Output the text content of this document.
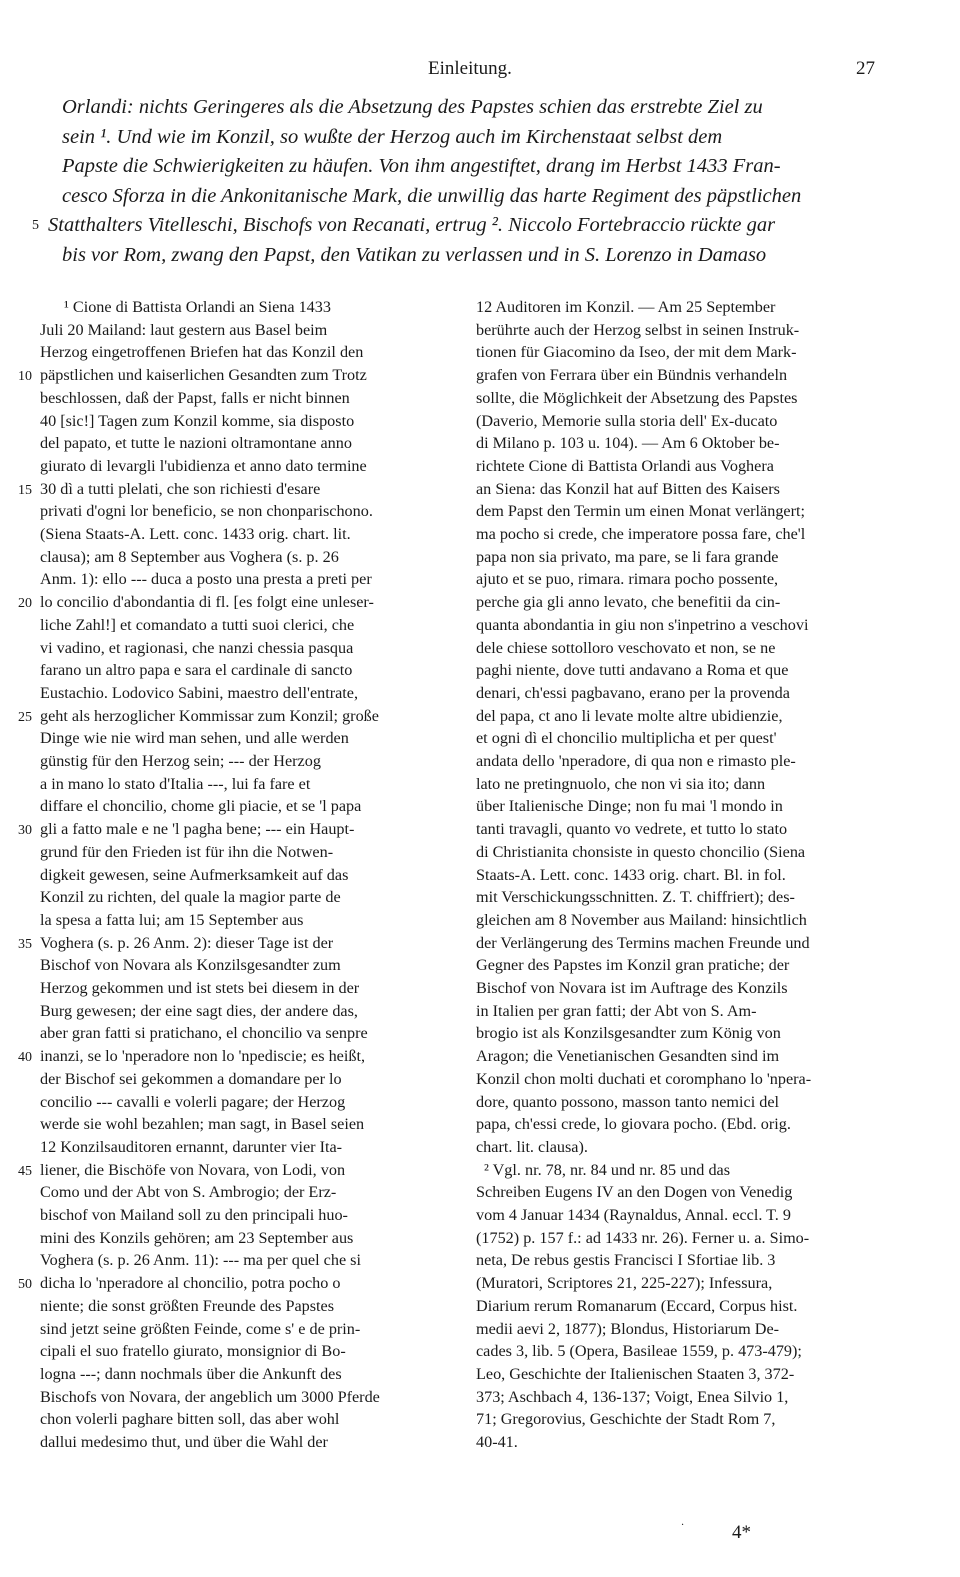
Einleitung.	27
Orlandi: nichts Geringeres als die Absetzung des Papstes schien das erstrebte Ziel zu
sein ¹. Und wie im Konzil, so wußte der Herzog auch im Kirchenstaat selbst dem
Papste die Schwierigkeiten zu häufen. Von ihm angestiftet, drang im Herbst 1433 Fran-
cesco Sforza in die Ankonitanische Mark, die unwillig das harte Regiment des päpstlichen
Statthalters Vitelleschi, Bischofs von Recanati, ertrug ². Niccolo Fortebraccio rückte gar
bis vor Rom, zwang den Papst, den Vatikan zu verlassen und in S. Lorenzo in Damaso
5
¹ Cione di Battista Orlandi an Siena 1433
Juli 20 Mailand: laut gestern aus Basel beim
Herzog eingetroffenen Briefen hat das Konzil den
päpstlichen und kaiserlichen Gesandten zum Trotz
beschlossen, daß der Papst, falls er nicht binnen
40 [sic!] Tagen zum Konzil komme, sia disposto
del papato, et tutte le nazioni oltramontane anno
giurato di levargli l'ubidienza et anno dato termine
30 dì a tutti plelati, che son richiesti d'esare
privati d'ogni lor beneficio, se non chonparischono.
(Siena Staats-A. Lett. conc. 1433 orig. chart. lit.
clausa); am 8 September aus Voghera (s. p. 26
Anm. 1): ello --- duca a posto una presta a preti per
lo concilio d'abondantia di fl. [es folgt eine unleser-
liche Zahl!] et comandato a tutti suoi clerici, che
vi vadino, et ragionasi, che nanzi chessia pasqua
farano un altro papa e sara el cardinale di sancto
Eustachio. Lodovico Sabini, maestro dell'entrate,
geht als herzoglicher Kommissar zum Konzil; große
Dinge wie nie wird man sehen, und alle werden
günstig für den Herzog sein; --- der Herzog
a in mano lo stato d'Italia ---, lui fa fare et
diffare el choncilio, chome gli piacie, et se 'l papa
gli a fatto male e ne 'l pagha bene; --- ein Haupt-
grund für den Frieden ist für ihn die Notwen-
digkeit gewesen, seine Aufmerksamkeit auf das
Konzil zu richten, del quale la magior parte de
la spesa a fatta lui; am 15 September aus
Voghera (s. p. 26 Anm. 2): dieser Tage ist der
Bischof von Novara als Konzilsgesandter zum
Herzog gekommen und ist stets bei diesem in der
Burg gewesen; der eine sagt dies, der andere das,
aber gran fatti si pratichano, el choncilio va senpre
inanzi, se lo 'nperadore non lo 'npediscie; es heißt,
der Bischof sei gekommen a domandare per lo
concilio --- cavalli e volerli pagare; der Herzog
werde sie wohl bezahlen; man sagt, in Basel seien
12 Konzilsauditoren ernannt, darunter vier Ita-
liener, die Bischöfe von Novara, von Lodi, von
Como und der Abt von S. Ambrogio; der Erz-
bischof von Mailand soll zu den principali huo-
mini des Konzils gehören; am 23 September aus
Voghera (s. p. 26 Anm. 11): --- ma per quel che si
dicha lo 'nperadore al choncilio, potra pocho o
niente; die sonst größten Freunde des Papstes
sind jetzt seine größten Feinde, come s' e de prin-
cipali el suo fratello giurato, monsignior di Bo-
logna ---; dann nochmals über die Ankunft des
Bischofs von Novara, der angeblich um 3000 Pferde
chon volerli paghare bitten soll, das aber wohl
dallui medesimo thut, und über die Wahl der
10
15
20
25
30
35
40
45
50
12 Auditoren im Konzil. — Am 25 September
berührte auch der Herzog selbst in seinen Instruk-
tionen für Giacomino da Iseo, der mit dem Mark-
grafen von Ferrara über ein Bündnis verhandeln
sollte, die Möglichkeit der Absetzung des Papstes
(Daverio, Memorie sulla storia dell' Ex-ducato
di Milano p. 103 u. 104). — Am 6 Oktober be-
richtete Cione di Battista Orlandi aus Voghera
an Siena: das Konzil hat auf Bitten des Kaisers
dem Papst den Termin um einen Monat verlängert;
ma pocho si crede, che imperatore possa fare, che'l
papa non sia privato, ma pare, se li fara grande
ajuto et se puo, rimara. rimara pocho possente,
perche gia gli anno levato, che benefitii da cin-
quanta abondantia in giu non s'inpetrino a veschovi
dele chiese sottolloro veschovato et non, se ne
paghi niente, dove tutti andavano a Roma et que
denari, ch'essi pagbavano, erano per la provenda
del papa, ct ano li levate molte altre ubidienzie,
et ogni dì el choncilio multiplicha et per quest'
andata dello 'nperadore, di qua non e rimasto ple-
lato ne pretingnuolo, che non vi sia ito; dann
über Italienische Dinge; non fu mai 'l mondo in
tanti travagli, quanto vo vedrete, et tutto lo stato
di Christianita chonsiste in questo choncilio (Siena
Staats-A. Lett. conc. 1433 orig. chart. Bl. in fol.
mit Verschickungsschnitten. Z. T. chiffriert); des-
gleichen am 8 November aus Mailand: hinsichtlich
der Verlängerung des Termins machen Freunde und
Gegner des Papstes im Konzil gran pratiche; der
Bischof von Novara ist im Auftrage des Konzils
in Italien per gran fatti; der Abt von S. Am-
brogio ist als Konzilsgesandter zum König von
Aragon; die Venetianischen Gesandten sind im
Konzil chon molti duchati et coromphano lo 'npera-
dore, quanto possono, masson tanto nemici del
papa, ch'essi crede, lo giovara pocho. (Ebd. orig.
chart. lit. clausa).
² Vgl. nr. 78, nr. 84 und nr. 85 und das
Schreiben Eugens IV an den Dogen von Venedig
vom 4 Januar 1434 (Raynaldus, Annal. eccl. T. 9
(1752) p. 157 f.: ad 1433 nr. 26). Ferner u. a. Simo-
neta, De rebus gestis Francisci I Sfortiae lib. 3
(Muratori, Scriptores 21, 225-227); Infessura,
Diarium rerum Romanarum (Eccard, Corpus hist.
medii aevi 2, 1877); Blondus, Historiarum De-
cades 3, lib. 5 (Opera, Basileae 1559, p. 473-479);
Leo, Geschichte der Italienischen Staaten 3, 372-
373; Aschbach 4, 136-137; Voigt, Enea Silvio 1,
71; Gregorovius, Geschichte der Stadt Rom 7,
40-41.
·	4*
